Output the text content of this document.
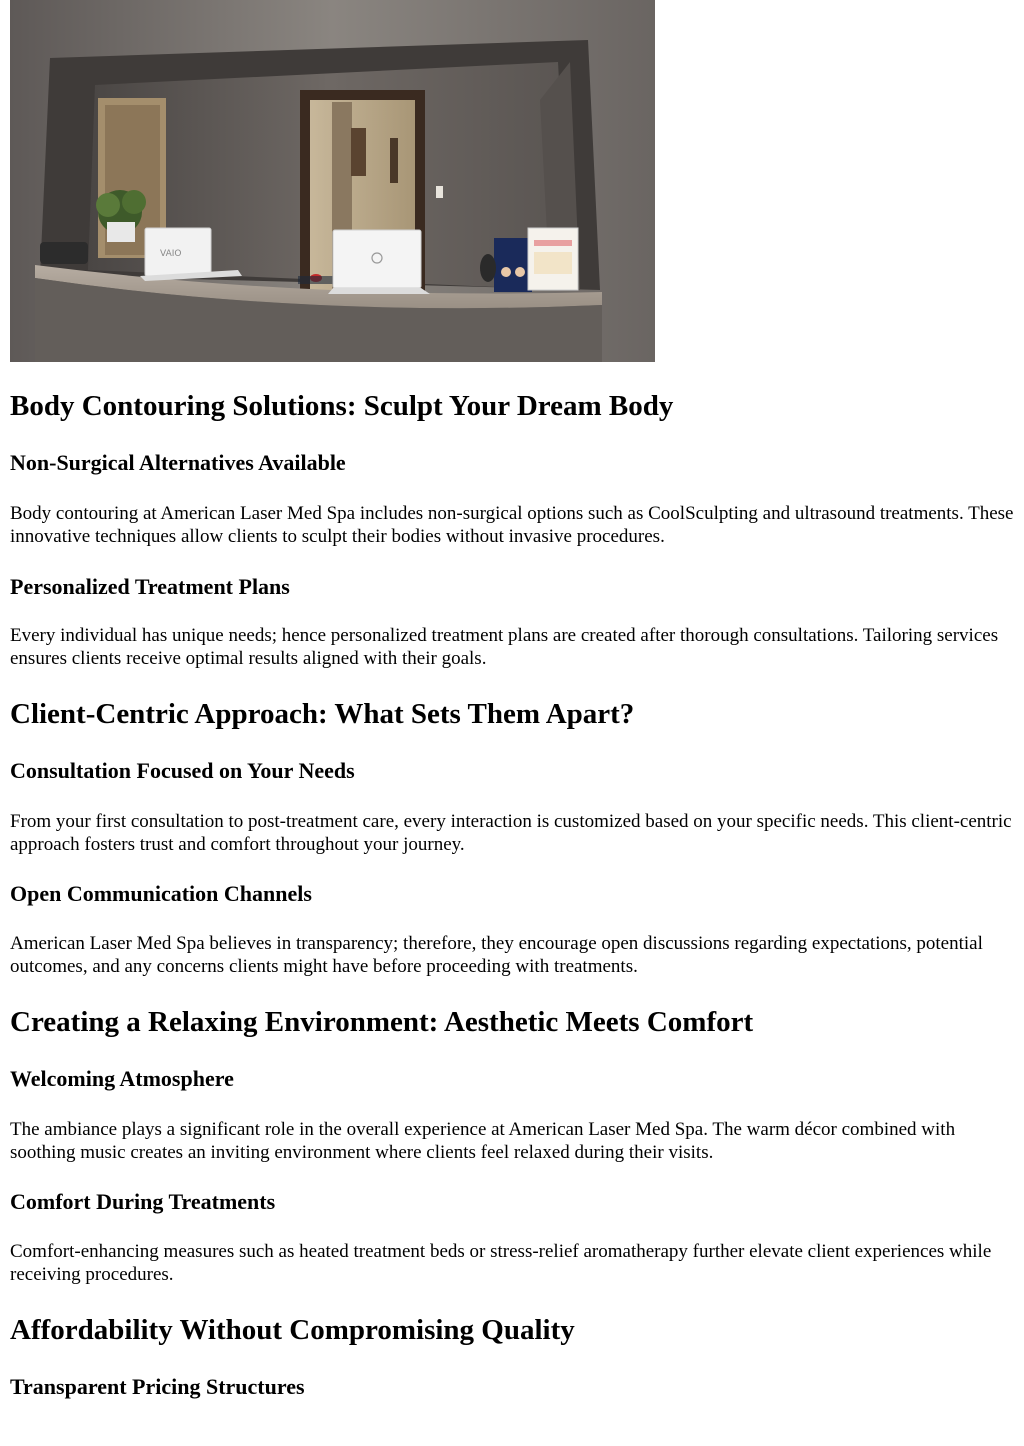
VAIO
Body Contouring Solutions: Sculpt Your Dream Body
Non-Surgical Alternatives Available

Body contouring at American Laser Med Spa includes non-surgical options such as CoolSculpting and ultrasound treatments. These innovative techniques allow clients to sculpt their bodies without invasive procedures.

Personalized Treatment Plans

Every individual has unique needs; hence personalized treatment plans are created after thorough consultations. Tailoring services ensures clients receive optimal results aligned with their goals.

Client-Centric Approach: What Sets Them Apart?
Consultation Focused on Your Needs

From your first consultation to post-treatment care, every interaction is customized based on your specific needs. This client-centric approach fosters trust and comfort throughout your journey.

Open Communication Channels

American Laser Med Spa believes in transparency; therefore, they encourage open discussions regarding expectations, potential outcomes, and any concerns clients might have before proceeding with treatments.

Creating a Relaxing Environment: Aesthetic Meets Comfort
Welcoming Atmosphere

The ambiance plays a significant role in the overall experience at American Laser Med Spa. The warm décor combined with soothing music creates an inviting environment where clients feel relaxed during their visits.

Comfort During Treatments

Comfort-enhancing measures such as heated treatment beds or stress-relief aromatherapy further elevate client experiences while receiving procedures.

Affordability Without Compromising Quality
Transparent Pricing Structures
